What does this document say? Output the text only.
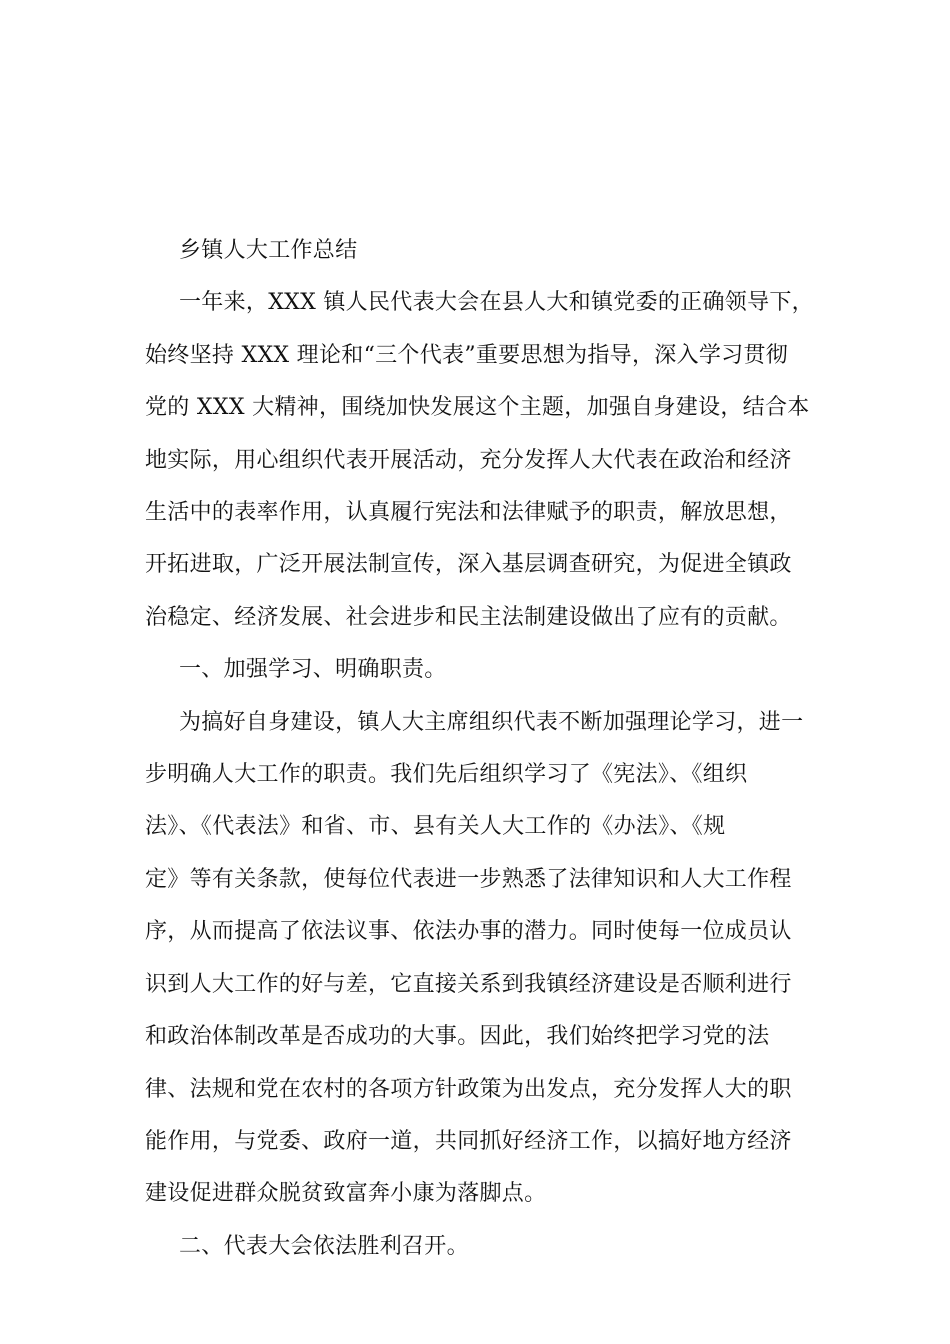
乡镇人大工作总结
一年来，XXX 镇人民代表大会在县人大和镇党委的正确领导下，
始终坚持 XXX 理论和“三个代表”重要思想为指导，深入学习贯彻
党的 XXX 大精神，围绕加快发展这个主题，加强自身建设，结合本
地实际，用心组织代表开展活动，充分发挥人大代表在政治和经济
生活中的表率作用，认真履行宪法和法律赋予的职责，解放思想，
开拓进取，广泛开展法制宣传，深入基层调查研究，为促进全镇政
治稳定、经济发展、社会进步和民主法制建设做出了应有的贡献。
一、加强学习、明确职责。
为搞好自身建设，镇人大主席组织代表不断加强理论学习，进一
步明确人大工作的职责。我们先后组织学习了《宪法》、《组织
法》、《代表法》和省、市、县有关人大工作的《办法》、《规
定》等有关条款，使每位代表进一步熟悉了法律知识和人大工作程
序，从而提高了依法议事、依法办事的潜力。同时使每一位成员认
识到人大工作的好与差，它直接关系到我镇经济建设是否顺利进行
和政治体制改革是否成功的大事。因此，我们始终把学习党的法
律、法规和党在农村的各项方针政策为出发点，充分发挥人大的职
能作用，与党委、政府一道，共同抓好经济工作，以搞好地方经济
建设促进群众脱贫致富奔小康为落脚点。
二、代表大会依法胜利召开。
